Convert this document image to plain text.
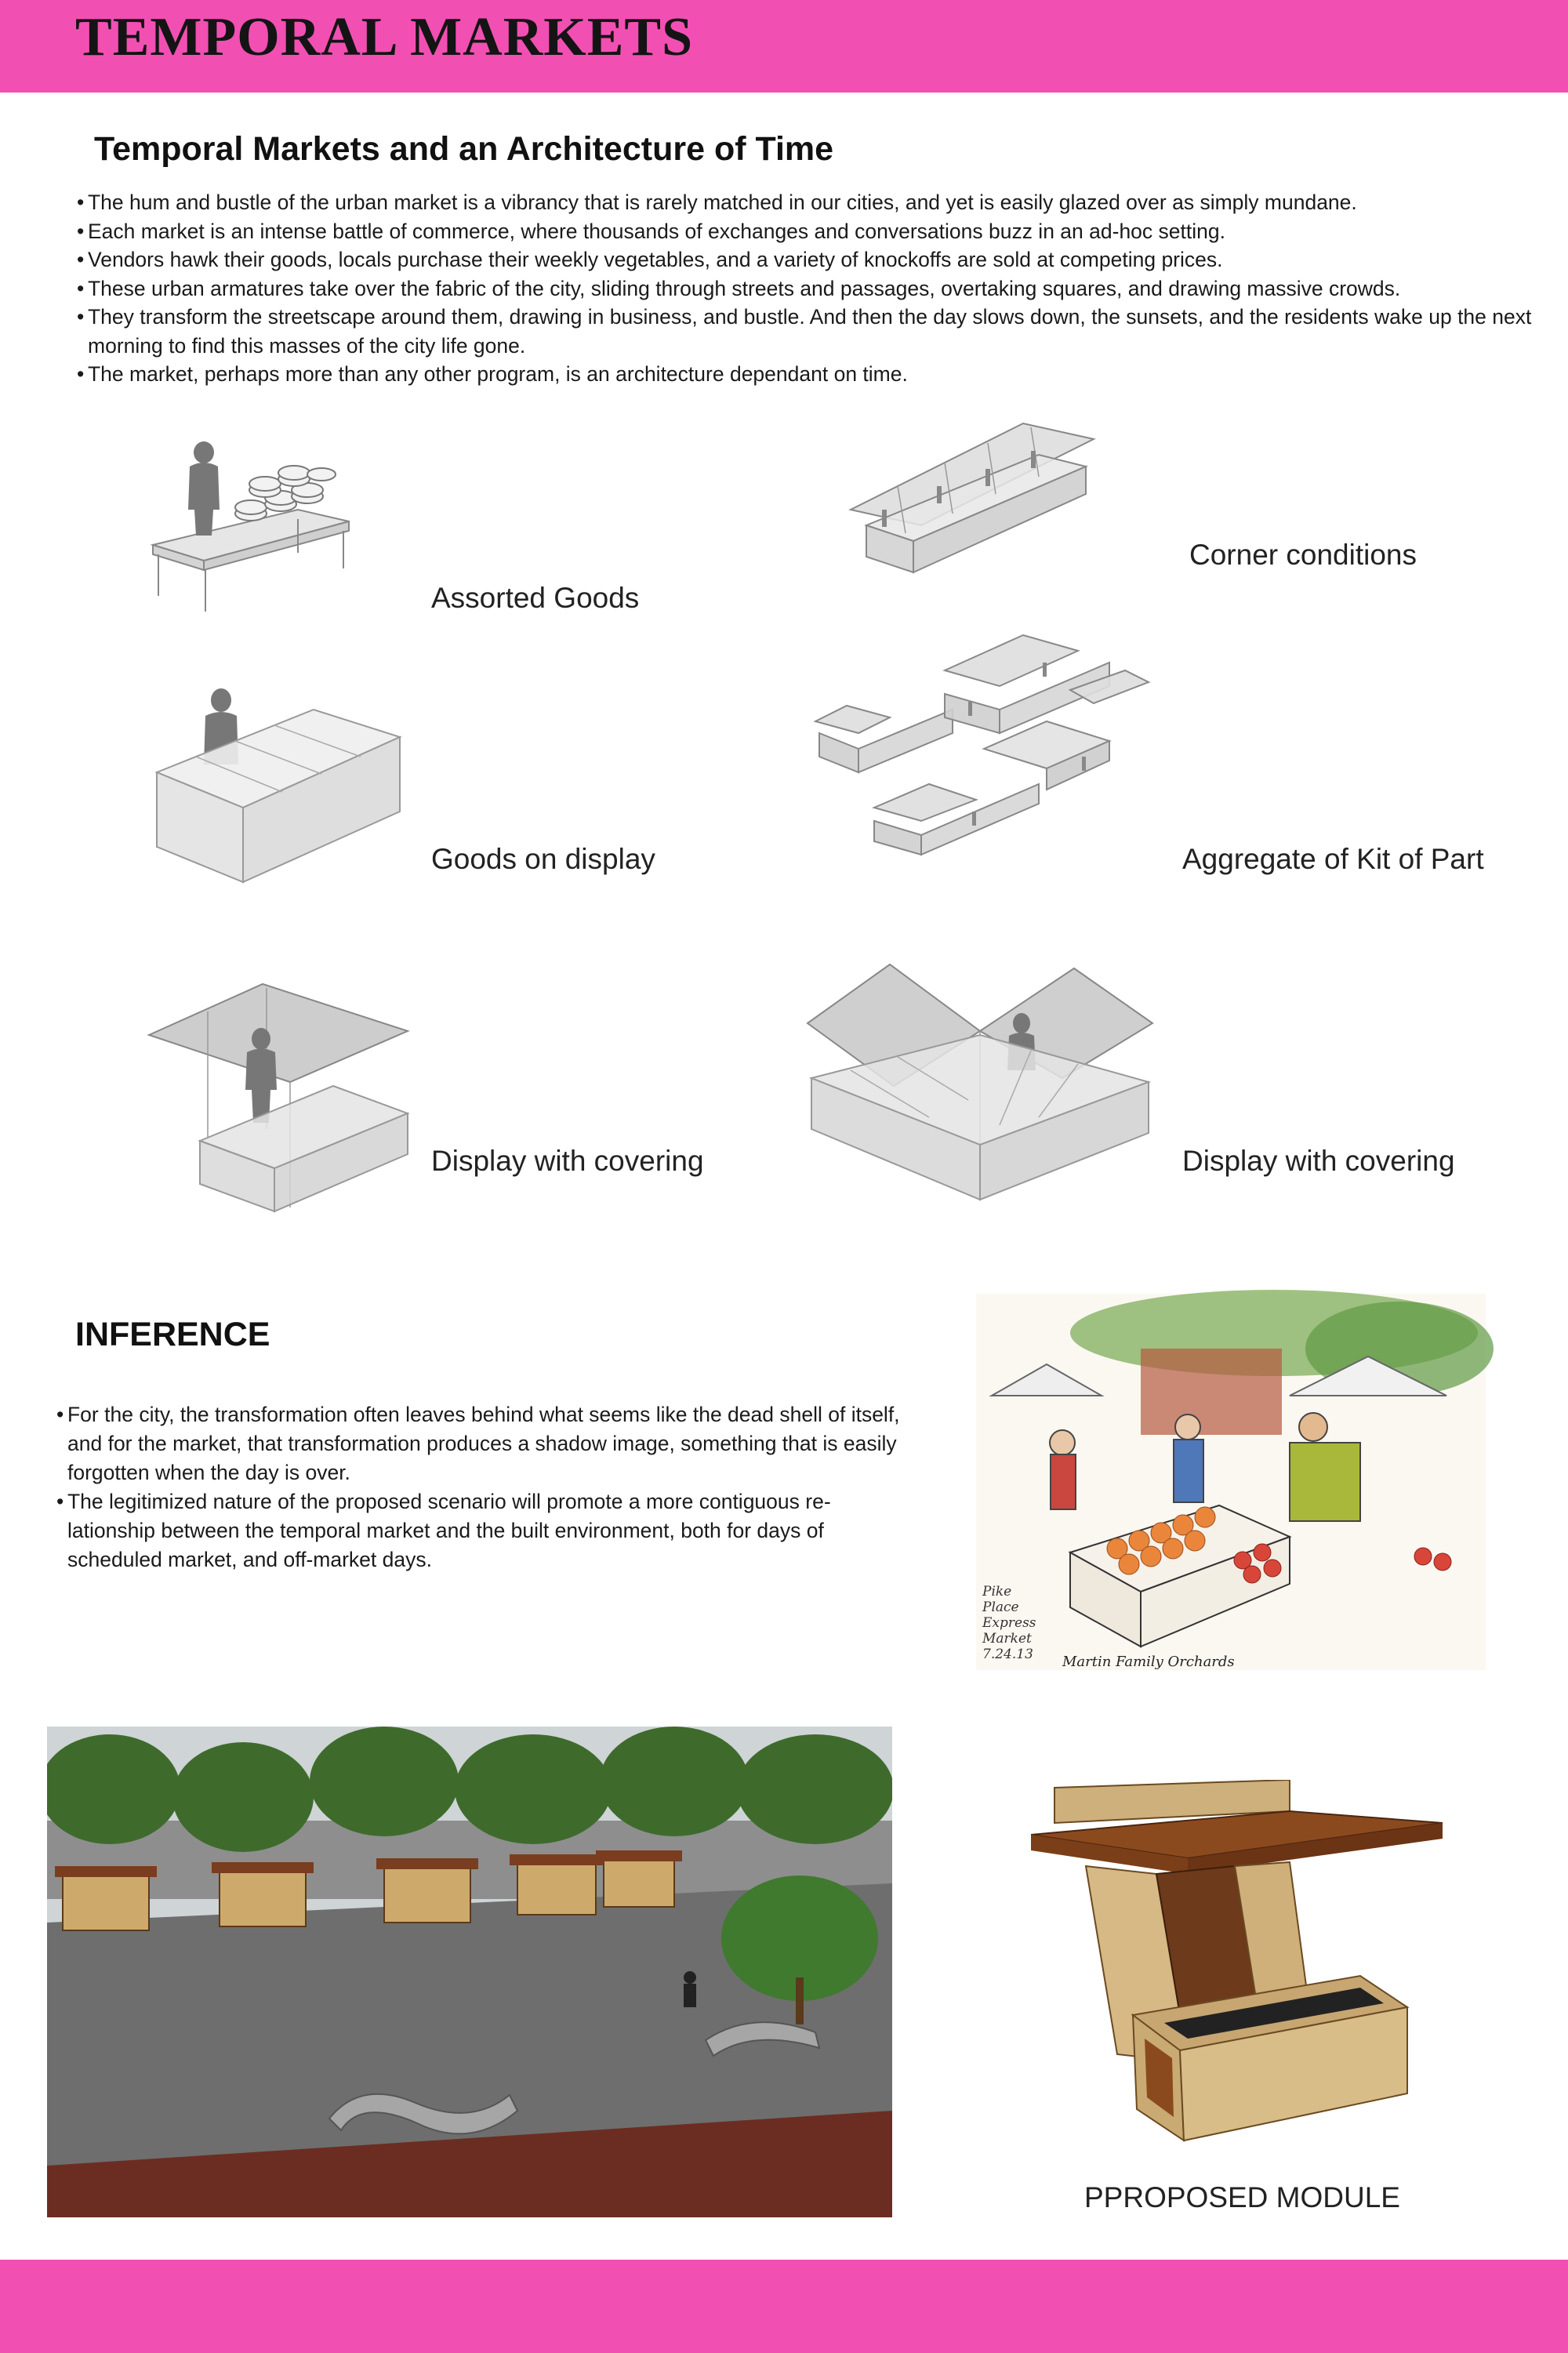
TEMPORAL MARKETS
Temporal Markets and an Architecture of Time
• The hum and bustle of the urban market is a vibrancy that is rarely matched in our cities, and yet is easily glazed over as simply mundane.
• Each market is an intense battle of commerce, where thousands of exchanges and conversations buzz in an ad-hoc setting.
• Vendors hawk their goods, locals purchase their weekly vegetables, and a variety of knockoffs are sold at competing prices.
• These urban armatures take over the fabric of the city, sliding through streets and passages, overtaking squares, and drawing massive crowds.
• They transform the streetscape around them, drawing in business, and bustle. And then the day slows down, the sunsets, and the residents wake up the next morning to find this masses of the city life gone.
• The market, perhaps more than any other program, is an architecture dependant on time.

Assorted Goods

Corner conditions

Goods on display	Aggregate of Kit of Part

Display with covering	Display with covering

INFERENCE
• For the city, the transformation often leaves behind what seems like the dead shell of itself, and for the market, that transformation produces a shadow image, something that is easily forgotten when the day is over.
• The legitimized nature of the proposed scenario will promote a more contiguous re-lationship between the temporal market and the built environment, both for days of scheduled market, and off-market days.
Pike
Place
Express
Market
7.24.13 Martin Family Orchards

PPROPOSED MODULE
